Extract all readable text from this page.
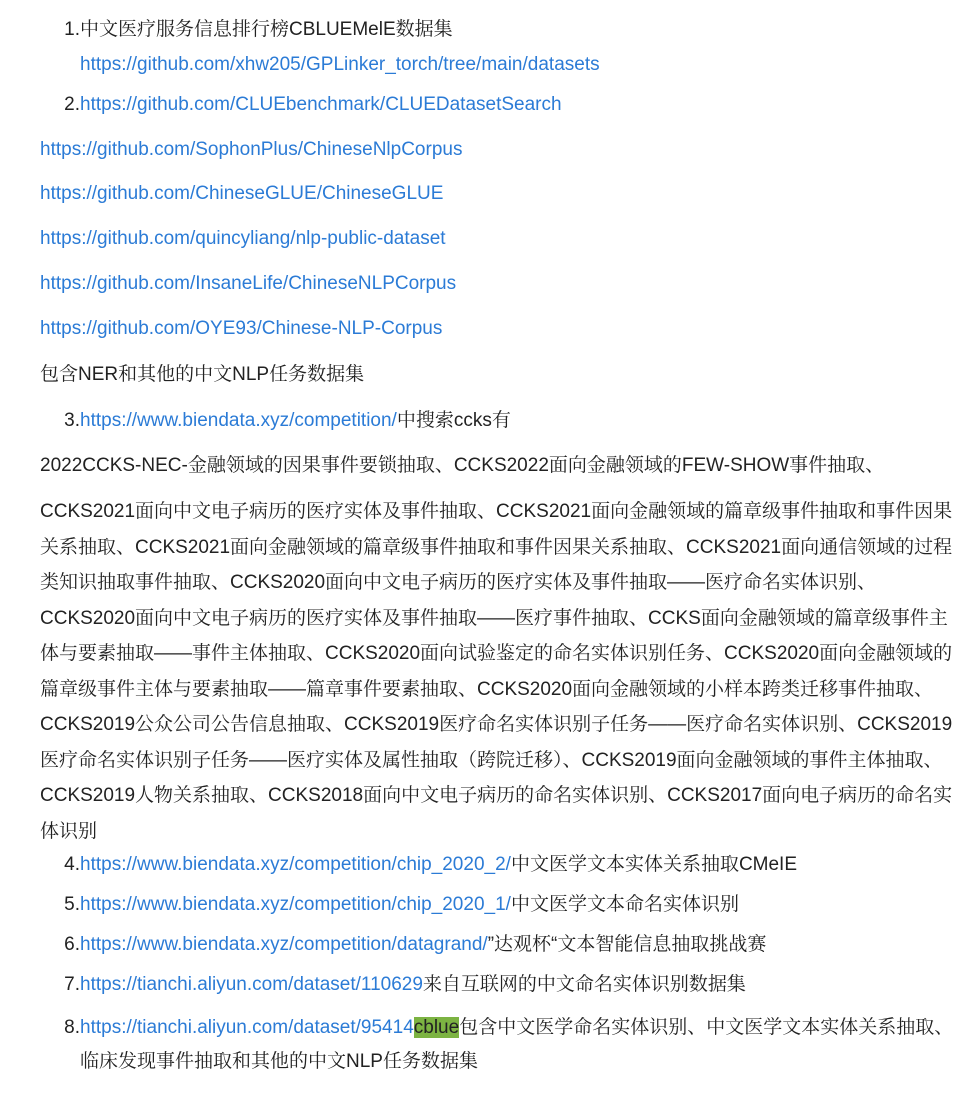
1. 中文医疗服务信息排行榜CBLUEMelE数据集
https://github.com/xhw205/GPLinker_torch/tree/main/datasets
2. https://github.com/CLUEbenchmark/CLUEDatasetSearch
https://github.com/SophonPlus/ChineseNlpCorpus
https://github.com/ChineseGLUE/ChineseGLUE
https://github.com/quincyliang/nlp-public-dataset
https://github.com/InsaneLife/ChineseNLPCorpus
https://github.com/OYE93/Chinese-NLP-Corpus
包含NER和其他的中文NLP任务数据集
3. https://www.biendata.xyz/competition/中搜索ccks有
2022CCKS-NEC-金融领域的因果事件要锁抽取、CCKS2022面向金融领域的FEW-SHOW事件抽取、
CCKS2021面向中文电子病历的医疗实体及事件抽取、CCKS2021面向金融领域的篇章级事件抽取和事件因果关系抽取、CCKS2021面向金融领域的篇章级事件抽取和事件因果关系抽取、CCKS2021面向通信领域的过程类知识抽取事件抽取、CCKS2020面向中文电子病历的医疗实体及事件抽取——医疗命名实体识别、CCKS2020面向中文电子病历的医疗实体及事件抽取——医疗事件抽取、CCKS面向金融领域的篇章级事件主体与要素抽取——事件主体抽取、CCKS2020面向试验鉴定的命名实体识别任务、CCKS2020面向金融领域的篇章级事件主体与要素抽取——篇章事件要素抽取、CCKS2020面向金融领域的小样本跨类迁移事件抽取、CCKS2019公众公司公告信息抽取、CCKS2019医疗命名实体识别子任务——医疗命名实体识别、CCKS2019医疗命名实体识别子任务——医疗实体及属性抽取（跨院迁移）、CCKS2019面向金融领域的事件主体抽取、CCKS2019人物关系抽取、CCKS2018面向中文电子病历的命名实体识别、CCKS2017面向电子病历的命名实体识别
4. https://www.biendata.xyz/competition/chip_2020_2/中文医学文本实体关系抽取CMeIE
5. https://www.biendata.xyz/competition/chip_2020_1/中文医学文本命名实体识别
6. https://www.biendata.xyz/competition/datagrand/”达观杯“文本智能信息抽取挑战赛
7. https://tianchi.aliyun.com/dataset/110629来自互联网的中文命名实体识别数据集
8. https://tianchi.aliyun.com/dataset/95414cblue包含中文医学命名实体识别、中文医学文本实体关系抽取、临床发现事件抽取和其他的中文NLP任务数据集
